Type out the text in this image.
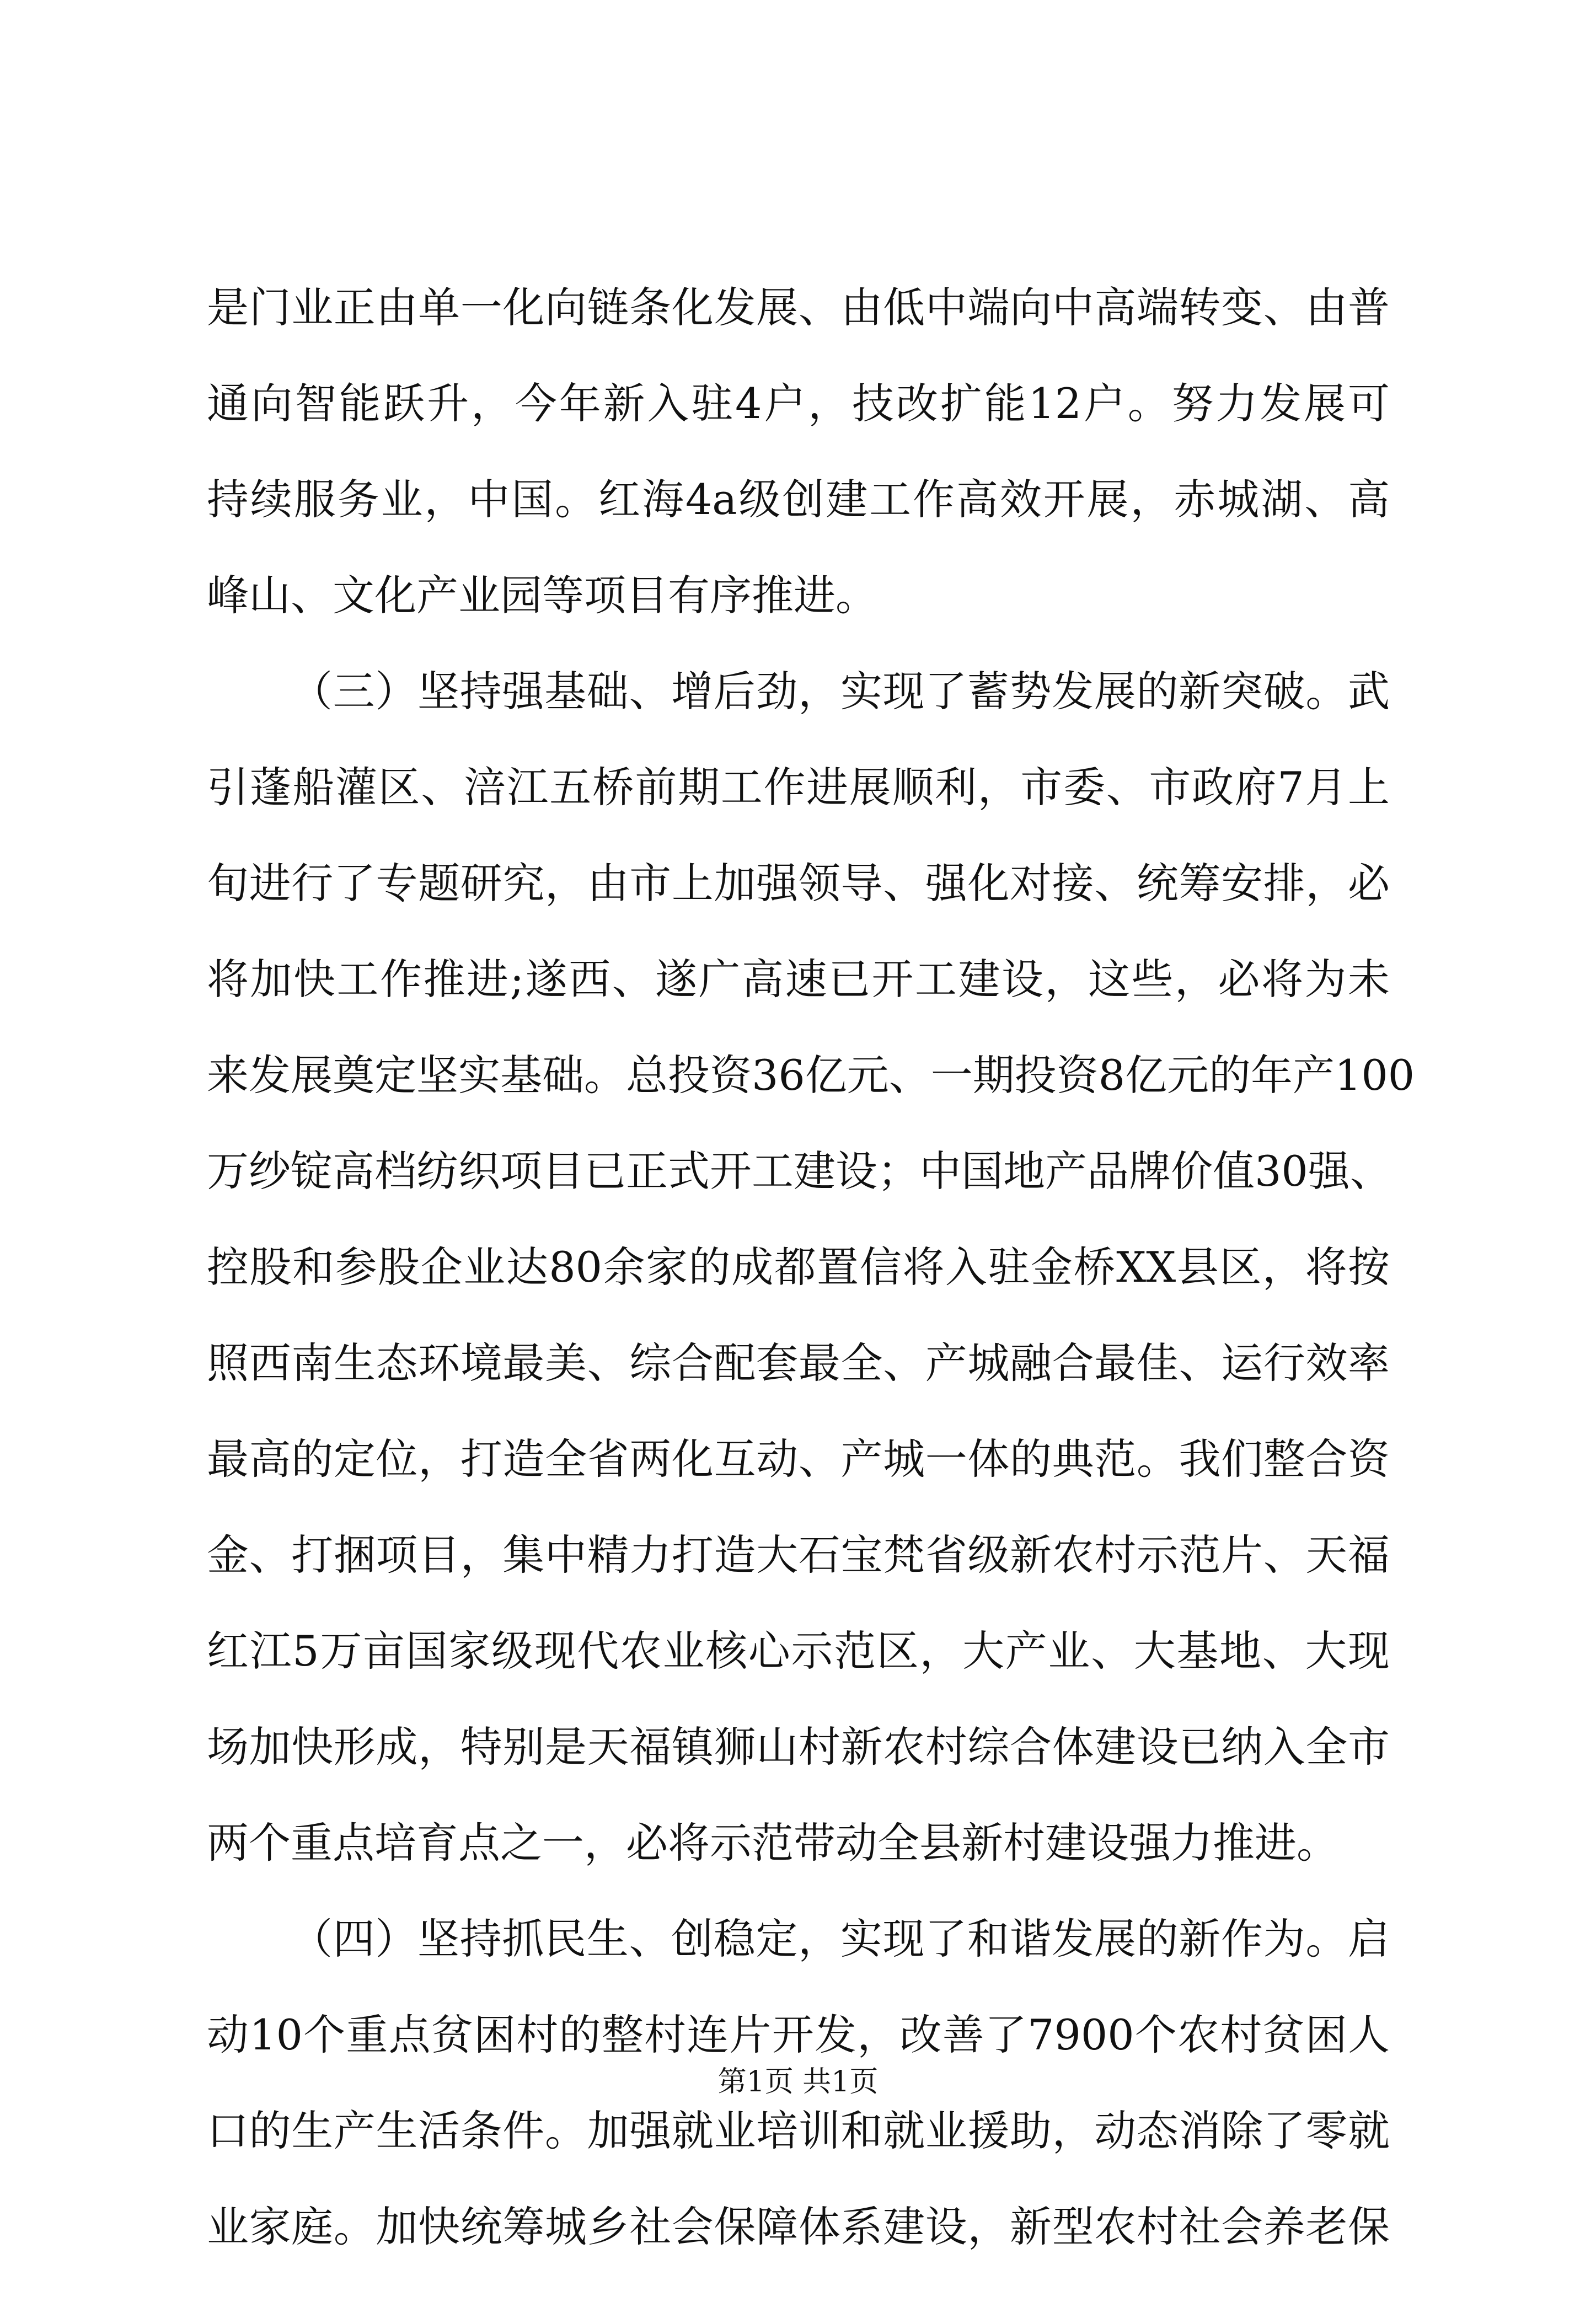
是门业正由单一化向链条化发展、由低中端向中高端转变、由普
通向智能跃升，今年新入驻4户，技改扩能12户。努力发展可
持续服务业，中国。红海4a级创建工作高效开展，赤城湖、高
峰山、文化产业园等项目有序推进。
（三）坚持强基础、增后劲，实现了蓄势发展的新突破。武
引蓬船灌区、涪江五桥前期工作进展顺利，市委、市政府7月上
旬进行了专题研究，由市上加强领导、强化对接、统筹安排，必
将加快工作推进;遂西、遂广高速已开工建设，这些，必将为未
来发展奠定坚实基础。总投资36亿元、一期投资8亿元的年产100
万纱锭高档纺织项目已正式开工建设；中国地产品牌价值30强、
控股和参股企业达80余家的成都置信将入驻金桥XX县区，将按
照西南生态环境最美、综合配套最全、产城融合最佳、运行效率
最高的定位，打造全省两化互动、产城一体的典范。我们整合资
金、打捆项目，集中精力打造大石宝梵省级新农村示范片、天福
红江5万亩国家级现代农业核心示范区，大产业、大基地、大现
场加快形成，特别是天福镇狮山村新农村综合体建设已纳入全市
两个重点培育点之一，必将示范带动全县新村建设强力推进。
（四）坚持抓民生、创稳定，实现了和谐发展的新作为。启
动10个重点贫困村的整村连片开发，改善了7900个农村贫困人
口的生产生活条件。加强就业培训和就业援助，动态消除了零就
业家庭。加快统筹城乡社会保障体系建设，新型农村社会养老保
第1页 共1页
